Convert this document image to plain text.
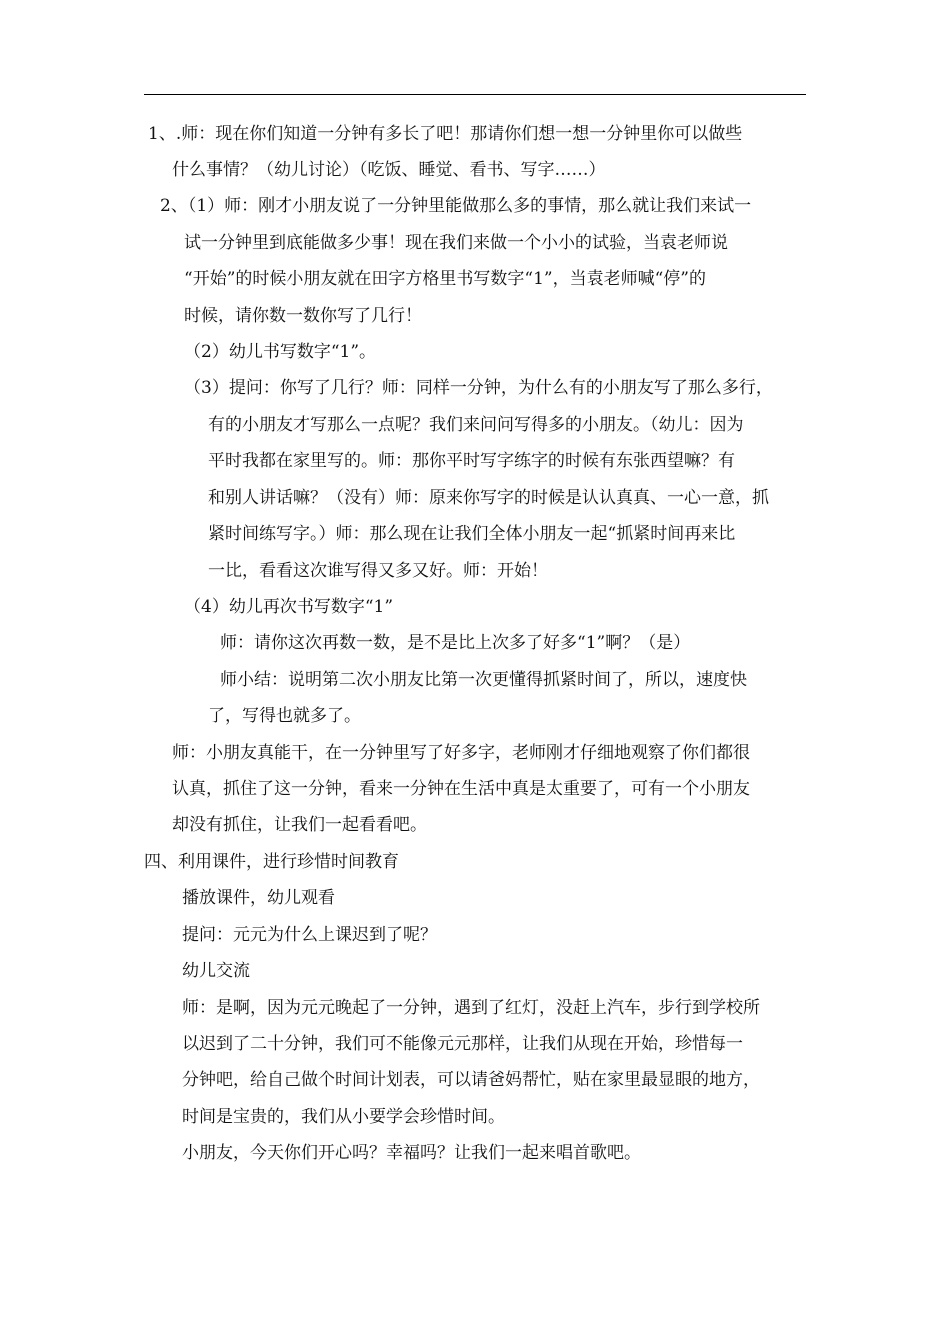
1、.师：现在你们知道一分钟有多长了吧！那请你们想一想一分钟里你可以做些
什么事情？（幼儿讨论）（吃饭、睡觉、看书、写字……）
2、（1）师：刚才小朋友说了一分钟里能做那么多的事情，那么就让我们来试一
试一分钟里到底能做多少事！现在我们来做一个小小的试验，当袁老师说
“开始”的时候小朋友就在田字方格里书写数字“1”，当袁老师喊“停”的
时候，请你数一数你写了几行！
（2）幼儿书写数字“1”。
（3）提问：你写了几行？师：同样一分钟，为什么有的小朋友写了那么多行，
有的小朋友才写那么一点呢？我们来问问写得多的小朋友。（幼儿：因为
平时我都在家里写的。师：那你平时写字练字的时候有东张西望嘛？有
和别人讲话嘛？（没有）师：原来你写字的时候是认认真真、一心一意，抓
紧时间练写字。）师：那么现在让我们全体小朋友一起“抓紧时间再来比
一比，看看这次谁写得又多又好。师：开始！
（4）幼儿再次书写数字“1”
师：请你这次再数一数，是不是比上次多了好多“1”啊？（是）
师小结：说明第二次小朋友比第一次更懂得抓紧时间了，所以，速度快
了，写得也就多了。
师：小朋友真能干，在一分钟里写了好多字，老师刚才仔细地观察了你们都很
认真，抓住了这一分钟，看来一分钟在生活中真是太重要了，可有一个小朋友
却没有抓住，让我们一起看看吧。
四、利用课件，进行珍惜时间教育
播放课件，幼儿观看
提问：元元为什么上课迟到了呢？
幼儿交流
师：是啊，因为元元晚起了一分钟，遇到了红灯，没赶上汽车，步行到学校所
以迟到了二十分钟，我们可不能像元元那样，让我们从现在开始，珍惜每一
分钟吧，给自己做个时间计划表，可以请爸妈帮忙，贴在家里最显眼的地方，
时间是宝贵的，我们从小要学会珍惜时间。
小朋友，今天你们开心吗？幸福吗？让我们一起来唱首歌吧。
